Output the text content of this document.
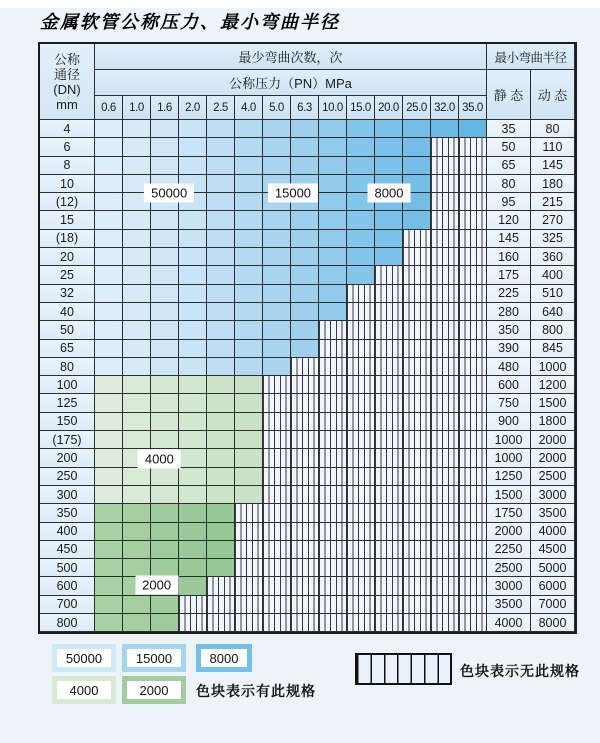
金属软管公称压力、最小弯曲半径
公称
通径
(DN)
mm
最少弯曲次数，次	最小弯曲半径
公称压力（PN）MPa
静 态	动 态
0.6	1.0	1.6	2.0	2.5	4.0	5.0	6.3 10.0 15.0 20.0 25.0 32.0 35.0
4	35	80
6	50	110
8	65	145
10	80	180
(12)	95	215
15	120	270
(18)	145	325
20	160	360
25	175	400
32	225	510
40	280	640
50	350	800
65	390	845
80	480	1000
100	600	1200
125	750	1500
150	900	1800
(175)	1000	2000
200	1000	2000
250	1250	2500
300	1500	3000
350	1750	3500
400	2000	4000
450	2250	4500
500	2500	5000
600	3000	6000
700	3500	7000
800	4000	8000
50000	15000	8000
4000
2000
色块表示有此规格
色块表示无此规格
50000	15000	8000
4000	2000
